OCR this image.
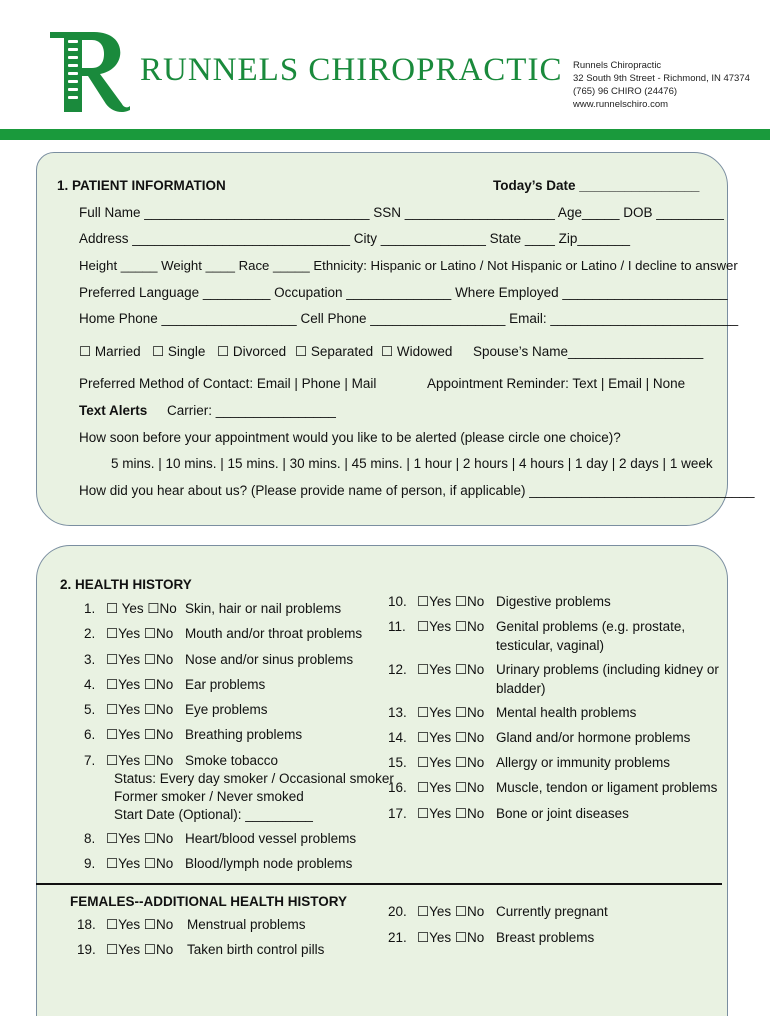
RUNNELS CHIROPRACTIC Runnels Chiropractic
32 South 9th Street - Richmond, IN 47374
(765) 96 CHIRO (24476)
www.runnelschiro.com
1. PATIENT INFORMATION	Today’s Date ________________
Full Name ______________________________ SSN ____________________ Age_____ DOB _________
Address _____________________________ City ______________ State ____ Zip_______
Height _____ Weight ____ Race _____ Ethnicity: Hispanic or Latino / Not Hispanic or Latino / I decline to answer
Preferred Language _________ Occupation ______________ Where Employed ______________________
Home Phone __________________ Cell Phone __________________ Email: _________________________
☐ Married ☐ Single ☐ Divorced ☐ Separated ☐ Widowed Spouse’s Name__________________
Preferred Method of Contact: Email | Phone | Mail	Appointment Reminder: Text | Email | None
Text Alerts Carrier: ________________
How soon before your appointment would you like to be alerted (please circle one choice)?
5 mins. | 10 mins. | 15 mins. | 30 mins. | 45 mins. | 1 hour | 2 hours | 4 hours | 1 day | 2 days | 1 week
How did you hear about us? (Please provide name of person, if applicable) ______________________________
2. HEALTH HISTORY
1. ☐ Yes ☐No Skin, hair or nail problems
2. ☐Yes ☐No Mouth and/or throat problems
3. ☐Yes ☐No Nose and/or sinus problems
4. ☐Yes ☐No Ear problems
5. ☐Yes ☐No Eye problems
6. ☐Yes ☐No Breathing problems
7. ☐Yes ☐No Smoke tobacco
Status: Every day smoker / Occasional smoker
Former smoker / Never smoked
Start Date (Optional): _________
8. ☐Yes ☐No Heart/blood vessel problems
9. ☐Yes ☐No Blood/lymph node problems
10. ☐Yes ☐No Digestive problems
11. ☐Yes ☐No Genital problems (e.g. prostate,
testicular, vaginal)
12. ☐Yes ☐No Urinary problems (including kidney or
bladder)
13. ☐Yes ☐No Mental health problems
14. ☐Yes ☐No Gland and/or hormone problems
15. ☐Yes ☐No Allergy or immunity problems
16. ☐Yes ☐No Muscle, tendon or ligament problems
17. ☐Yes ☐No Bone or joint diseases
FEMALES--ADDITIONAL HEALTH HISTORY
18. ☐Yes ☐No Menstrual problems
19. ☐Yes ☐No Taken birth control pills
20. ☐Yes ☐No Currently pregnant
21. ☐Yes ☐No Breast problems
